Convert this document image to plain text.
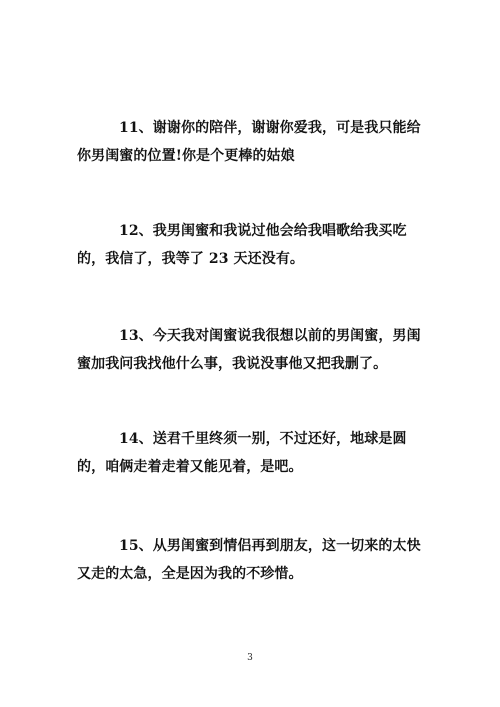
11、谢谢你的陪伴，谢谢你爱我，可是我只能给你男闺蜜的位置!你是个更棒的姑娘

12、我男闺蜜和我说过他会给我唱歌给我买吃的，我信了，我等了 23 天还没有。

13、今天我对闺蜜说我很想以前的男闺蜜，男闺蜜加我问我找他什么事，我说没事他又把我删了。

14、送君千里终须一别，不过还好，地球是圆的，咱俩走着走着又能见着，是吧。

15、从男闺蜜到情侣再到朋友，这一切来的太快又走的太急，全是因为我的不珍惜。

3
